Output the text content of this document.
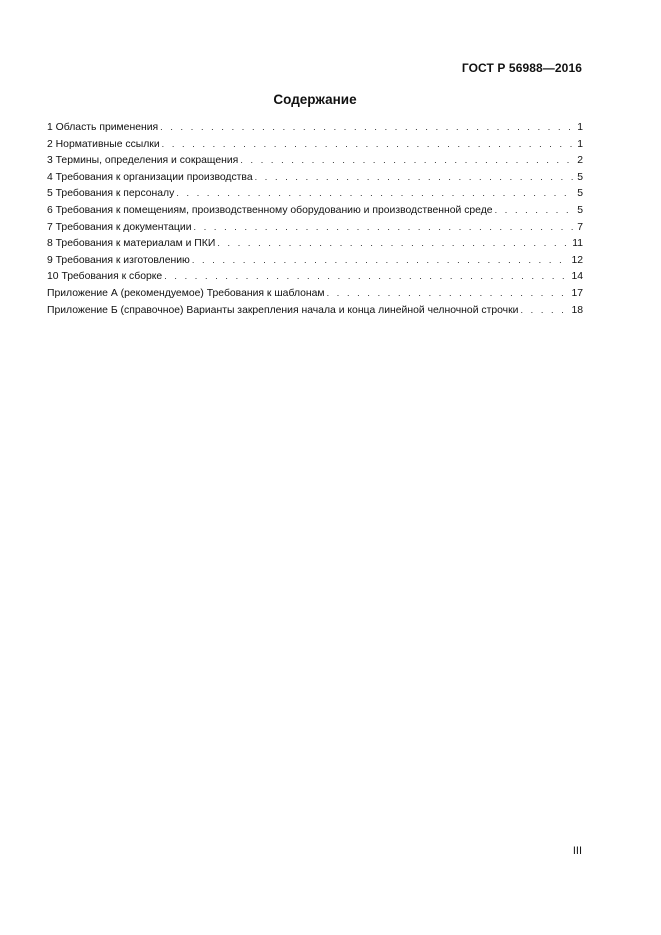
ГОСТ Р 56988—2016
Содержание
1 Область применения . . .	1
2 Нормативные ссылки . . .	1
3 Термины, определения и сокращения . . .	2
4 Требования к организации производства . . .	5
5 Требования к персоналу . . .	5
6 Требования к помещениям, производственному оборудованию и производственной среде . . .	5
7 Требования к документации . . .	7
8 Требования к материалам и ПКИ . . .	11
9 Требования к изготовлению . . .	12
10 Требования к сборке . . .	14
Приложение А (рекомендуемое) Требования к шаблонам . . .	17
Приложение Б (справочное) Варианты закрепления начала и конца линейной челночной строчки . . .	18
III
